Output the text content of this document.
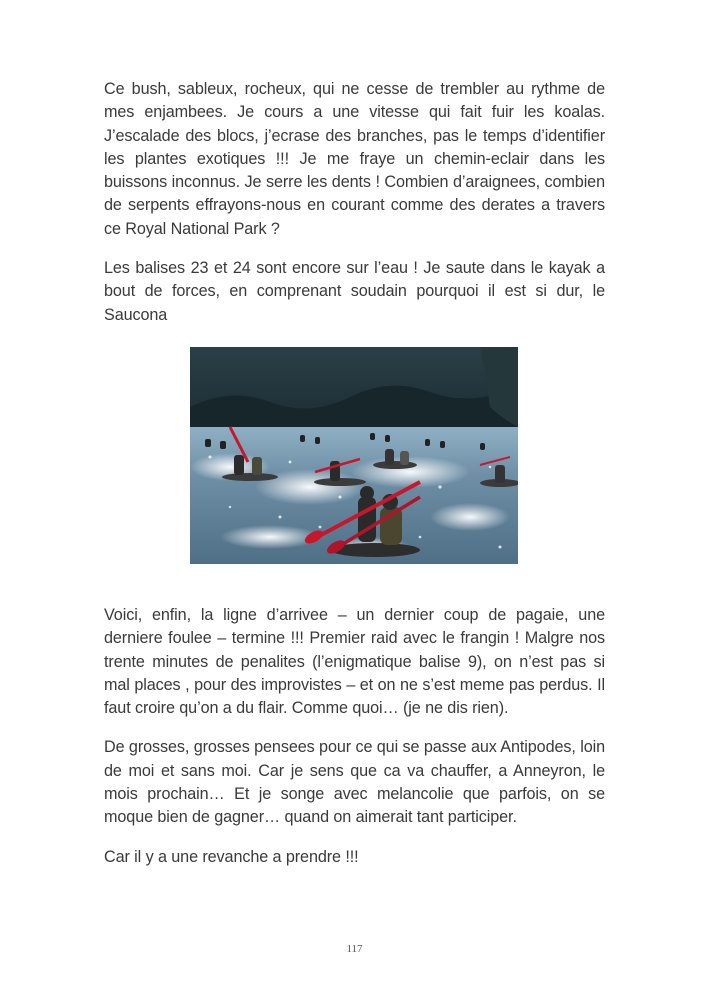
Ce bush, sableux, rocheux, qui ne cesse de trembler au rythme de mes enjambees. Je cours a une vitesse qui fait fuir les koalas. J’escalade des blocs, j’ecrase des branches, pas le temps d’identifier les plantes exotiques !!! Je me fraye un chemin-eclair dans les buissons inconnus. Je serre les dents ! Combien d’araignees, combien de serpents effrayons-nous en courant comme des derates a travers ce Royal National Park ?

Les balises 23 et 24 sont encore sur l’eau ! Je saute dans le kayak a bout de forces, en comprenant soudain pourquoi il est si dur, le Saucona

Voici, enfin, la ligne d’arrivee – un dernier coup de pagaie, une derniere foulee – termine !!! Premier raid avec le frangin ! Malgre nos trente minutes de penalites (l’enigmatique balise 9), on n’est pas si mal places , pour des improvistes – et on ne s’est meme pas perdus. Il faut croire qu’on a du flair. Comme quoi… (je ne dis rien).

De grosses, grosses pensees pour ce qui se passe aux Antipodes, loin de moi et sans moi. Car je sens que ca va chauffer, a Anneyron, le mois prochain… Et je songe avec melancolie que parfois, on se moque bien de gagner… quand on aimerait tant participer.

Car il y a une revanche a prendre !!!

117
